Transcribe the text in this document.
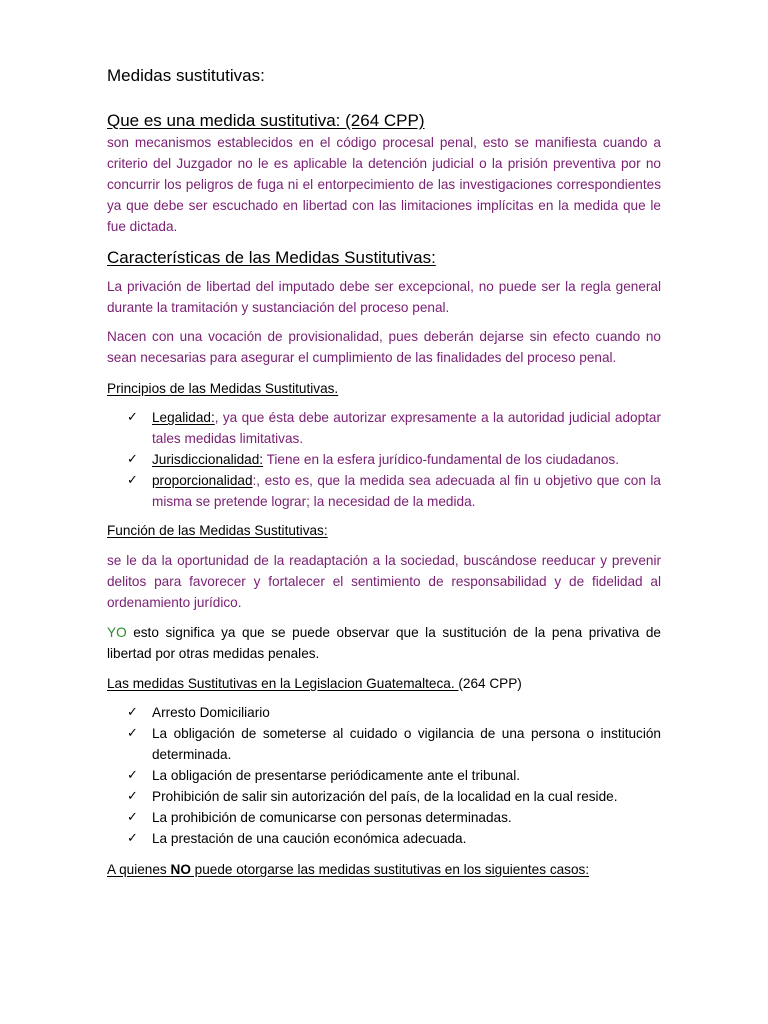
Medidas sustitutivas:

Que es una medida sustitutiva: (264 CPP)

son mecanismos establecidos en el código procesal penal, esto se manifiesta cuando a criterio del Juzgador no le es aplicable la detención judicial o la prisión preventiva por no concurrir los peligros de fuga ni el entorpecimiento de las investigaciones correspondientes ya que debe ser escuchado en libertad con las limitaciones implícitas en la medida que le fue dictada.

Características de las Medidas Sustitutivas:

La privación de libertad del imputado debe ser excepcional, no puede ser la regla general durante la tramitación y sustanciación del proceso penal.

Nacen con una vocación de provisionalidad, pues deberán dejarse sin efecto cuando no sean necesarias para asegurar el cumplimiento de las finalidades del proceso penal.

Principios de las Medidas Sustitutivas.

✓ Legalidad:, ya que ésta debe autorizar expresamente a la autoridad judicial adoptar tales medidas limitativas.
✓ Jurisdiccionalidad: Tiene en la esfera jurídico-fundamental de los ciudadanos.
✓ proporcionalidad:, esto es, que la medida sea adecuada al fin u objetivo que con la misma se pretende lograr; la necesidad de la medida.

Función de las Medidas Sustitutivas:

se le da la oportunidad de la readaptación a la sociedad, buscándose reeducar y prevenir delitos para favorecer y fortalecer el sentimiento de responsabilidad y de fidelidad al ordenamiento jurídico.

YO esto significa ya que se puede observar que la sustitución de la pena privativa de libertad por otras medidas penales.

Las medidas Sustitutivas en la Legislacion Guatemalteca. (264 CPP)

✓ Arresto Domiciliario
✓ La obligación de someterse al cuidado o vigilancia de una persona o institución determinada.
✓ La obligación de presentarse periódicamente ante el tribunal.
✓ Prohibición de salir sin autorización del país, de la localidad en la cual reside.
✓ La prohibición de comunicarse con personas determinadas.
✓ La prestación de una caución económica adecuada.

A quienes NO puede otorgarse las medidas sustitutivas en los siguientes casos:
